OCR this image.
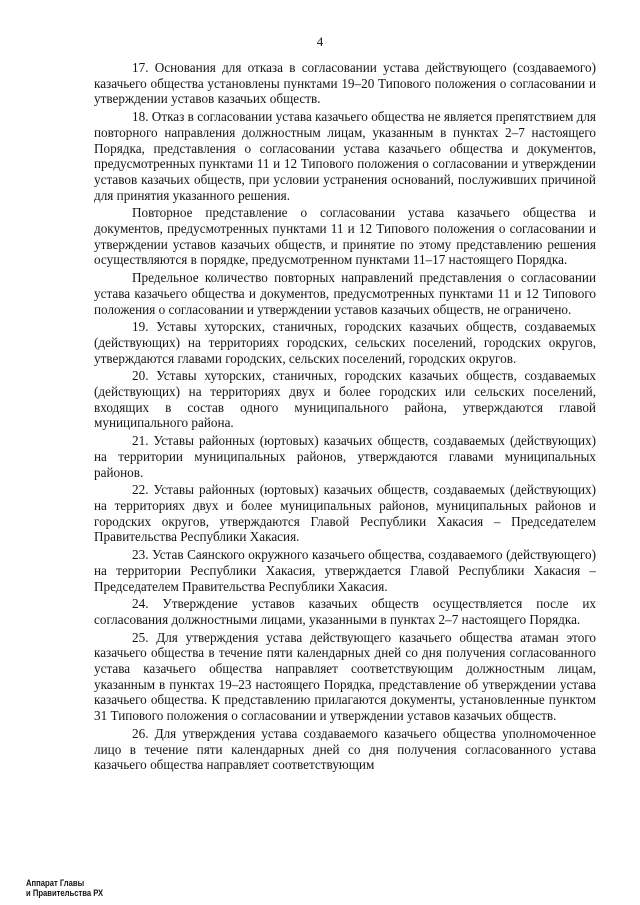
4

17. Основания для отказа в согласовании устава действующего (создаваемого) казачьего общества установлены пунктами 19–20 Типового положения о согласовании и утверждении уставов казачьих обществ.

18. Отказ в согласовании устава казачьего общества не является препятствием для повторного направления должностным лицам, указанным в пунктах 2–7 настоящего Порядка, представления о согласовании устава казачьего общества и документов, предусмотренных пунктами 11 и 12 Типового положения о согласовании и утверждении уставов казачьих обществ, при условии устранения оснований, послуживших причиной для принятия указанного решения.

Повторное представление о согласовании устава казачьего общества и документов, предусмотренных пунктами 11 и 12 Типового положения о согласовании и утверждении уставов казачьих обществ, и принятие по этому представлению решения осуществляются в порядке, предусмотренном пунктами 11–17 настоящего Порядка.

Предельное количество повторных направлений представления о согласовании устава казачьего общества и документов, предусмотренных пунктами 11 и 12 Типового положения о согласовании и утверждении уставов казачьих обществ, не ограничено.

19. Уставы хуторских, станичных, городских казачьих обществ, создаваемых (действующих) на территориях городских, сельских поселений, городских округов, утверждаются главами городских, сельских поселений, городских округов.

20. Уставы хуторских, станичных, городских казачьих обществ, создаваемых (действующих) на территориях двух и более городских или сельских поселений, входящих в состав одного муниципального района, утверждаются главой муниципального района.

21. Уставы районных (юртовых) казачьих обществ, создаваемых (действующих) на территории муниципальных районов, утверждаются главами муниципальных районов.

22. Уставы районных (юртовых) казачьих обществ, создаваемых (действующих) на территориях двух и более муниципальных районов, муниципальных районов и городских округов, утверждаются Главой Республики Хакасия – Председателем Правительства Республики Хакасия.

23. Устав Саянского окружного казачьего общества, создаваемого (действующего) на территории Республики Хакасия, утверждается Главой Республики Хакасия – Председателем Правительства Республики Хакасия.

24. Утверждение уставов казачьих обществ осуществляется после их согласования должностными лицами, указанными в пунктах 2–7 настоящего Порядка.

25. Для утверждения устава действующего казачьего общества атаман этого казачьего общества в течение пяти календарных дней со дня получения согласованного устава казачьего общества направляет соответствующим должностным лицам, указанным в пунктах 19–23 настоящего Порядка, представление об утверждении устава казачьего общества. К представлению прилагаются документы, установленные пунктом 31 Типового положения о согласовании и утверждении уставов казачьих обществ.

26. Для утверждения устава создаваемого казачьего общества уполномоченное лицо в течение пяти календарных дней со дня получения согласованного устава казачьего общества направляет соответствующим

Аппарат Главы
и Правительства РХ
